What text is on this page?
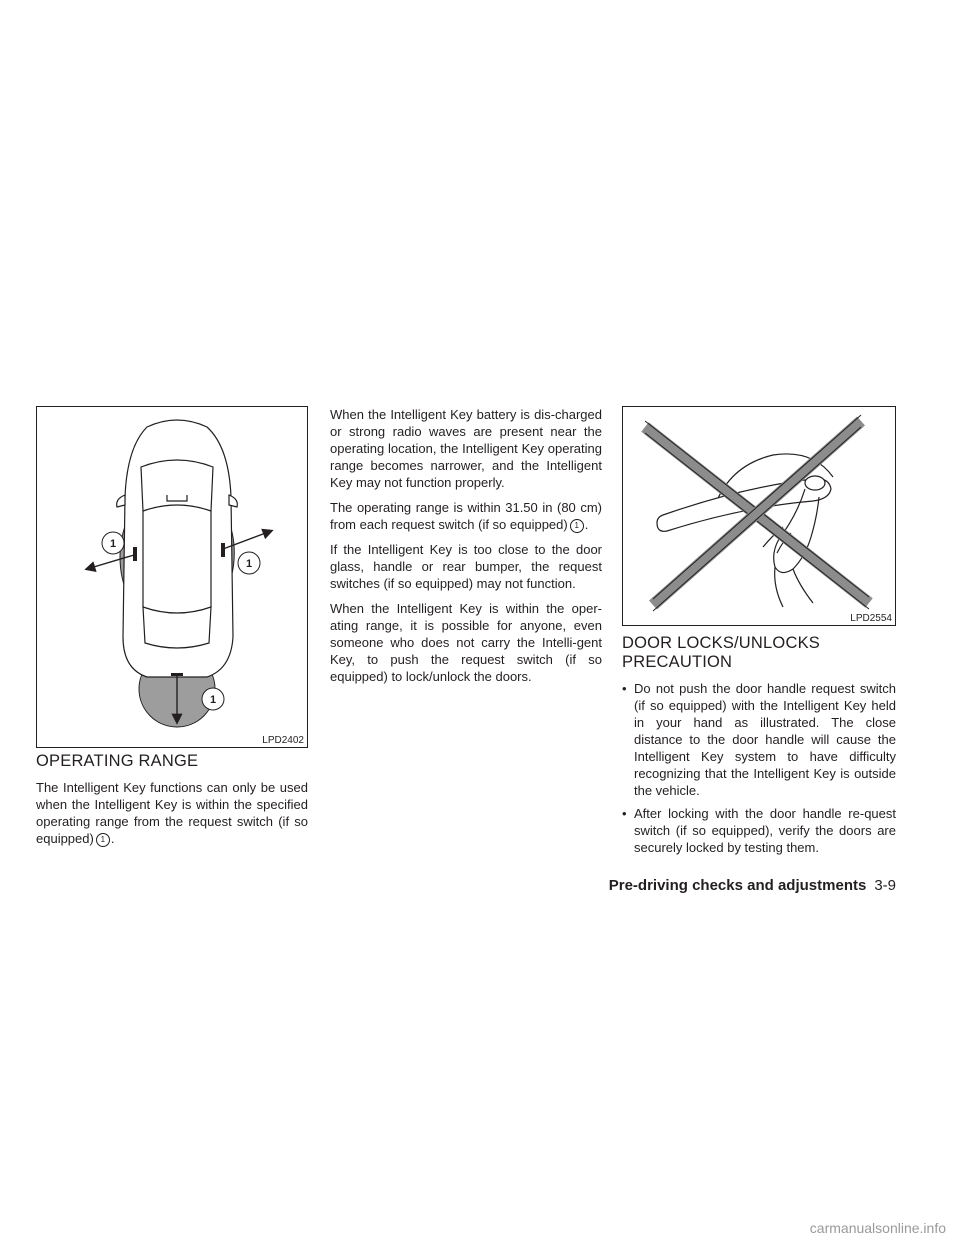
1
1
1
LPD2402
OPERATING RANGE

The Intelligent Key functions can only be used when the Intelligent Key is within the specified operating range from the request switch (if so equipped) 1 .

When the Intelligent Key battery is dis-charged or strong radio waves are present near the operating location, the Intelligent Key operating range becomes narrower, and the Intelligent Key may not function properly.

The operating range is within 31.50 in (80 cm) from each request switch (if so equipped) 1 .

If the Intelligent Key is too close to the door glass, handle or rear bumper, the request switches (if so equipped) may not function.

When the Intelligent Key is within the oper-ating range, it is possible for anyone, even someone who does not carry the Intelli-gent Key, to push the request switch (if so equipped) to lock/unlock the doors.

LPD2554
DOOR LOCKS/UNLOCKS
PRECAUTION
• Do not push the door handle request switch (if so equipped) with the Intelligent Key held in your hand as illustrated. The close distance to the door handle will cause the Intelligent Key system to have difficulty recognizing that the Intelligent Key is outside the vehicle.
• After locking with the door handle re-quest switch (if so equipped), verify the doors are securely locked by testing them.
Pre-driving checks and adjustments 3-9
carmanualsonline.info
